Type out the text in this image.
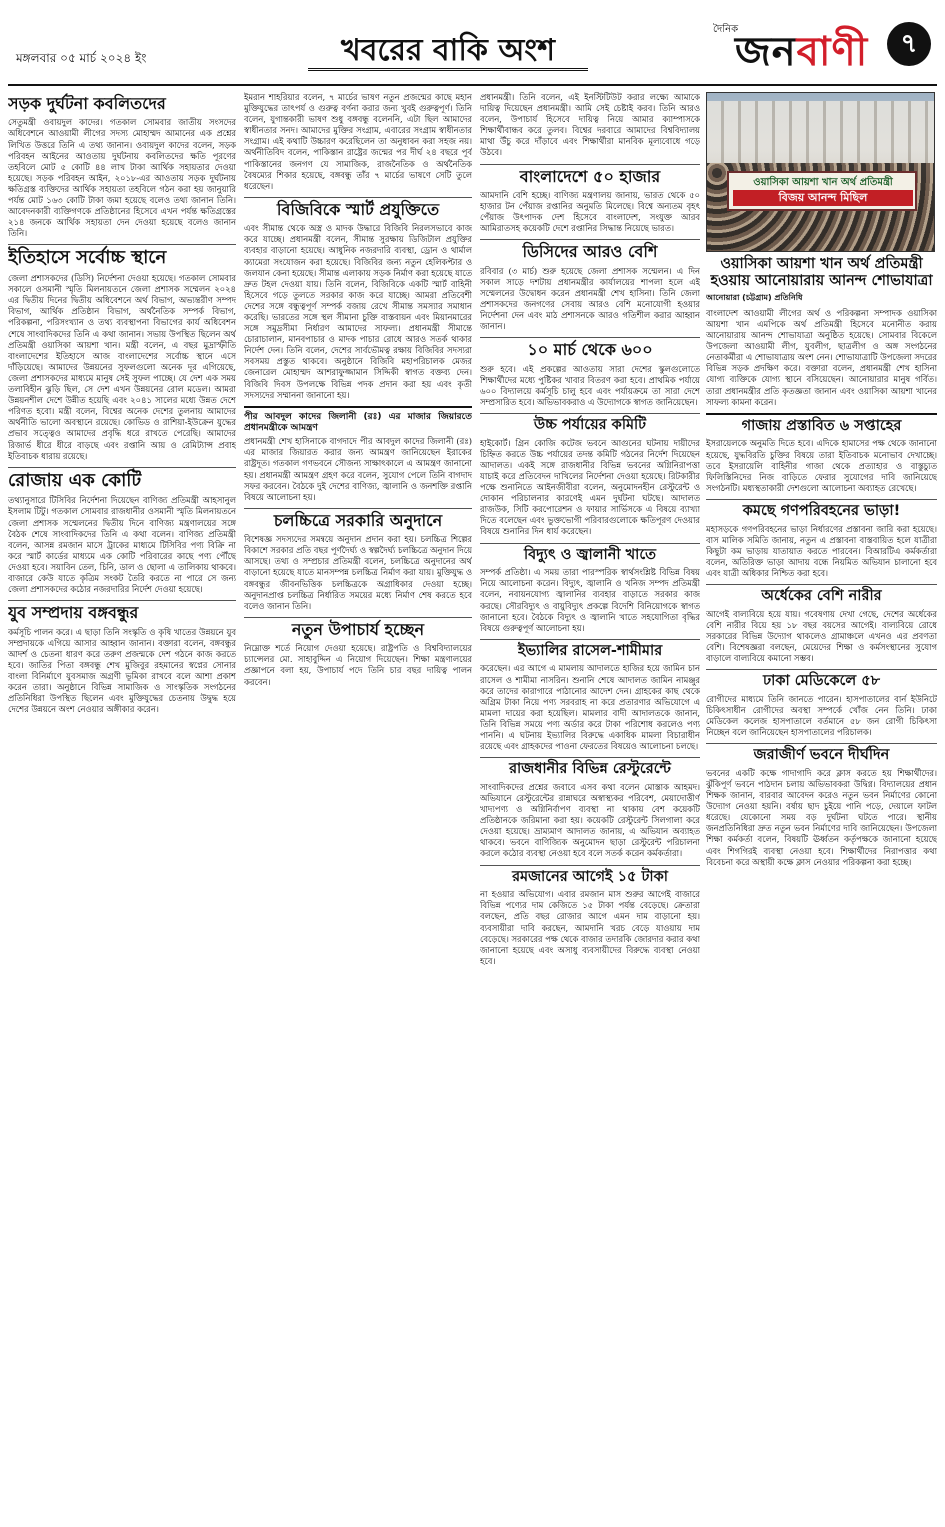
মঙ্গলবার ০৫ মার্চ ২০২৪ ইং	খবরের বাকি অংশ
দৈনিক
জনবাণী	৭
সড়ক দুর্ঘটনা কবলিতদের
সেতুমন্ত্রী ওবায়দুল কাদের। গতকাল সোমবার জাতীয় সংসদের অধিবেশনে আওয়ামী লীগের সদস্য মোহাম্মদ আমানের এক প্রশ্নের লিখিত উত্তরে তিনি এ তথ্য জানান। ওবায়দুল কাদের বলেন, সড়ক পরিবহন আইনের আওতায় দুর্ঘটনায় কবলিতদের ক্ষতি পূরণের তহবিলে মোট ৫ কোটি ৪৪ লাখ টাকা আর্থিক সহায়তার দেওয়া হয়েছে। সড়ক পরিবহন আইন, ২০১৮-এর আওতায় সড়ক দুর্ঘটনায় ক্ষতিগ্রস্ত ব্যক্তিদের আর্থিক সহায়তা তহবিলে গঠন করা হয় জানুয়ারি পর্যন্ত মোট ১৬৩ কোটি টাকা জমা হয়েছে বলেও তথ্য জানান তিনি। আবেদনকারী ব্যক্তিগণকে প্রতিষ্ঠানের হিসেবে এখন পর্যন্ত ক্ষতিগ্রস্তের ২১৪ জনকে আর্থিক সহায়তা দেন দেওয়া হয়েছে বলেও জানান তিনি।
ইতিহাসে সর্বোচ্চ স্থানে
জেলা প্রশাসকদের (ডিসি) নির্দেশনা দেওয়া হয়েছে। গতকাল সোমবার সকালে ওসমানী স্মৃতি মিলনায়তনে জেলা প্রশাসক সম্মেলন ২০২৪ এর দ্বিতীয় দিনের দ্বিতীয় অধিবেশনে অর্থ বিভাগ, অভ্যন্তরীণ সম্পদ বিভাগ, আর্থিক প্রতিষ্ঠান বিভাগ, অর্থনৈতিক সম্পর্ক বিভাগ, পরিকল্পনা, পরিসংখ্যান ও তথ্য ব্যবস্থাপনা বিভাগের কার্য অধিবেশন শেষে সাংবাদিকদের তিনি এ কথা জানান। সভায় উপস্থিত ছিলেন অর্থ প্রতিমন্ত্রী ওয়াসিকা আয়শা খান। মন্ত্রী বলেন, এ বছর ‍মুদ্রাস্ফীতি বাংলাদেশের ইতিহাসে আজ বাংলাদেশের সর্বোচ্চ স্থানে এসে দাঁড়িয়েছে। আমাদের উন্নয়নের সুফলগুলো অনেক দূর এগিয়েছে, জেলা প্রশাসকদের মাধ্যমে মানুষ সেই সুফল পাচ্ছে। যে দেশ এক সময় তলাবিহীন ঝুড়ি ছিল, সে দেশ এখন উন্নয়নের রোল মডেল। আমরা উন্নয়নশীল দেশে উন্নীত হয়েছি এবং ২০৪১ সালের মধ্যে উন্নত দেশে পরিণত হবো। মন্ত্রী বলেন, বিশ্বের অনেক দেশের তুলনায় আমাদের অর্থনীতি ভালো অবস্থানে রয়েছে। কোভিড ও রাশিয়া-ইউক্রেন যুদ্ধের প্রভাব সত্ত্বেও আমাদের প্রবৃদ্ধি ধরে রাখতে পেরেছি। আমাদের রিজার্ভ ধীরে ধীরে বাড়ছে এবং রপ্তানি আয় ও রেমিট্যান্স প্রবাহ ইতিবাচক ধারায় রয়েছে।
রোজায় এক কোটি
তথ্যানুসারে টিসিবির নির্দেশনা দিয়েছেন বাণিজ্য প্রতিমন্ত্রী আহসানুল ইসলাম টিটু। গতকাল সোমবার রাজধানীর ওসমানী স্মৃতি মিলনায়তনে জেলা প্রশাসক সম্মেলনের দ্বিতীয় দিনে বাণিজ্য মন্ত্রণালয়ের সঙ্গে বৈঠক শেষে সাংবাদিকদের তিনি এ কথা বলেন। বাণিজ্য প্রতিমন্ত্রী বলেন, আসন্ন রমজান মাসে ট্রাকের মাধ্যমে টিসিবির পণ্য বিক্রি না করে স্মার্ট কার্ডের মাধ্যমে এক কোটি পরিবারের কাছে পণ্য পৌঁছে দেওয়া হবে। সয়াবিন তেল, চিনি, ডাল ও ছোলা এ তালিকায় থাকবে। বাজারে কেউ যাতে কৃত্রিম সংকট তৈরি করতে না পারে সে জন্য জেলা প্রশাসকদের কঠোর নজরদারির নির্দেশ দেওয়া হয়েছে।
যুব সম্প্রদায় বঙ্গবন্ধুর
কর্মসূচি পালন করে। এ ছাড়া তিনি সংস্কৃতি ও কৃষি খাতের উন্নয়নে যুব সম্প্রদায়কে এগিয়ে আসার আহ্বান জানান। বক্তারা বলেন, বঙ্গবন্ধুর আদর্শ ও চেতনা ধারণ করে তরুণ প্রজন্মকে দেশ গঠনে কাজ করতে হবে। জাতির পিতা বঙ্গবন্ধু শেখ মুজিবুর রহমানের স্বপ্নের সোনার বাংলা বিনির্মাণে যুবসমাজ অগ্রণী ভূমিকা রাখবে বলে আশা প্রকাশ করেন তারা। অনুষ্ঠানে বিভিন্ন সামাজিক ও সাংস্কৃতিক সংগঠনের প্রতিনিধিরা উপস্থিত ছিলেন এবং মুক্তিযুদ্ধের চেতনায় উদ্বুদ্ধ হয়ে দেশের উন্নয়নে অংশ নেওয়ার অঙ্গীকার করেন।
ইমরান শাহরিয়ার বলেন, ৭ মার্চের ভাষণ নতুন প্রজন্মের কাছে মহান মুক্তিযুদ্ধের তাৎপর্য ও গুরুত্ব বর্ণনা করার জন্য খুবই গুরুত্বপূর্ণ। তিনি বলেন, যুগান্তকারী ভাষণ শুধু বঙ্গবন্ধু বলেননি, এটা ছিল আমাদের স্বাধীনতার সনদ। আমাদের মুক্তির সংগ্রাম, এবারের সংগ্রাম স্বাধীনতার সংগ্রাম। এই কথাটি উচ্চারণ করেছিলেন তা অনুধাবন করা সহজ নয়। অর্থনীতিবিদ বলেন, পাকিস্তান রাষ্ট্রের জন্মের পর দীর্ঘ ২৪ বছরে পূর্ব পাকিস্তানের জনগণ যে সামাজিক, রাজনৈতিক ও অর্থনৈতিক বৈষম্যের শিকার হয়েছে, বঙ্গবন্ধু তাঁর ৭ মার্চের ভাষণে সেটি তুলে ধরেছেন।
বিজিবিকে স্মার্ট প্রযুক্তিতে
এবং সীমান্ত থেকে অস্ত্র ও মাদক উদ্ধারে বিজিবি নিরলসভাবে কাজ করে যাচ্ছে। প্রধানমন্ত্রী বলেন, সীমান্ত সুরক্ষায় ডিজিটাল প্রযুক্তির ব্যবহার বাড়ানো হয়েছে। আধুনিক নজরদারি ব্যবস্থা, ড্রোন ও থার্মাল ক্যামেরা সংযোজন করা হয়েছে। বিজিবির জন্য নতুন হেলিকপ্টার ও জলযান কেনা হয়েছে। সীমান্ত এলাকায় সড়ক নির্মাণ করা হয়েছে যাতে দ্রুত টহল দেওয়া যায়। তিনি বলেন, বিজিবিকে একটি স্মার্ট বাহিনী হিসেবে গড়ে তুলতে সরকার কাজ করে যাচ্ছে। আমরা প্রতিবেশী দেশের সঙ্গে বন্ধুত্বপূর্ণ সম্পর্ক বজায় রেখে সীমান্ত সমস্যার সমাধান করেছি। ভারতের সঙ্গে স্থল সীমানা চুক্তি বাস্তবায়ন এবং মিয়ানমারের সঙ্গে সমুদ্রসীমা নির্ধারণ আমাদের সাফল্য। প্রধানমন্ত্রী সীমান্তে চোরাচালান, মানবপাচার ও মাদক পাচার রোধে আরও সতর্ক থাকার নির্দেশ দেন। তিনি বলেন, দেশের সার্বভৌমত্ব রক্ষায় বিজিবির সদস্যরা সবসময় প্রস্তুত থাকবে। অনুষ্ঠানে বিজিবি মহাপরিচালক মেজর জেনারেল মোহাম্মদ আশরাফুজ্জামান সিদ্দিকী স্বাগত বক্তব্য দেন। বিজিবি দিবস উপলক্ষে বিভিন্ন পদক প্রদান করা হয় এবং কৃতী সদস্যদের সম্মাননা জানানো হয়।
পীর আবদুল কাদের জিলানী (রঃ) এর মাজার জিয়ারতে প্রধানমন্ত্রীকে আমন্ত্রণ
প্রধানমন্ত্রী শেখ হাসিনাকে বাগদাদে পীর আবদুল কাদের জিলানী (রঃ) এর মাজার জিয়ারত করার জন্য আমন্ত্রণ জানিয়েছেন ইরাকের রাষ্ট্রদূত। গতকাল গণভবনে সৌজন্য সাক্ষাৎকালে এ আমন্ত্রণ জানানো হয়। প্রধানমন্ত্রী আমন্ত্রণ গ্রহণ করে বলেন, সুযোগ পেলে তিনি বাগদাদ সফর করবেন। বৈঠকে দুই দেশের বাণিজ্য, জ্বালানি ও জনশক্তি রপ্তানি বিষয়ে আলোচনা হয়।
চলচ্চিত্রে সরকারি অনুদানে
বিশেষজ্ঞ সদস্যদের সমন্বয়ে অনুদান প্রদান করা হয়। চলচ্চিত্র শিল্পের বিকাশে সরকার প্রতি বছর পূর্ণদৈর্ঘ্য ও স্বল্পদৈর্ঘ্য চলচ্চিত্রে অনুদান দিয়ে আসছে। তথ্য ও সম্প্রচার প্রতিমন্ত্রী বলেন, চলচ্চিত্রে অনুদানের অর্থ বাড়ানো হয়েছে যাতে মানসম্পন্ন চলচ্চিত্র নির্মাণ করা যায়। মুক্তিযুদ্ধ ও বঙ্গবন্ধুর জীবনভিত্তিক চলচ্চিত্রকে অগ্রাধিকার দেওয়া হচ্ছে। অনুদানপ্রাপ্ত চলচ্চিত্র নির্ধারিত সময়ের মধ্যে নির্মাণ শেষ করতে হবে বলেও জানান তিনি।
নতুন উপাচার্য হচ্ছেন
নিম্নোক্ত শর্তে নিয়োগ দেওয়া হয়েছে। রাষ্ট্রপতি ও বিশ্ববিদ্যালয়ের চ্যান্সেলর মো. সাহাবুদ্দিন এ নিয়োগ দিয়েছেন। শিক্ষা মন্ত্রণালয়ের প্রজ্ঞাপনে বলা হয়, উপাচার্য পদে তিনি চার বছর দায়িত্ব পালন করবেন।
প্রধানমন্ত্রী। তিনি বলেন, এই ইনস্টিটিউট করার লক্ষ্যে আমাকে দায়িত্ব দিয়েছেন প্রধানমন্ত্রী। আমি সেই চেষ্টাই করব। তিনি আরও বলেন, উপাচার্য হিসেবে দায়িত্ব নিয়ে আমার ক্যাম্পাসকে শিক্ষার্থীবান্ধব করে তুলব। বিশ্বের দরবারে আমাদের বিশ্ববিদ্যালয় মাথা উঁচু করে দাঁড়াবে এবং শিক্ষার্থীরা মানবিক মূল্যবোধে গড়ে উঠবে।
বাংলাদেশে ৫০ হাজার
আমদানি বেশি হচ্ছে। বাণিজ্য মন্ত্রণালয় জানায়, ভারত থেকে ৫০ হাজার টন পেঁয়াজ রপ্তানির অনুমতি মিলেছে। বিশ্বে অন্যতম বৃহৎ পেঁয়াজ উৎপাদক দেশ হিসেবে বাংলাদেশ, সংযুক্ত আরব আমিরাতসহ কয়েকটি দেশে রপ্তানির সিদ্ধান্ত নিয়েছে ভারত।
ডিসিদের আরও বেশি
রবিবার (৩ মার্চ) শুরু হয়েছে জেলা প্রশাসক সম্মেলন। এ দিন সকাল সাড়ে দশটায় প্রধানমন্ত্রীর কার্যালয়ের শাপলা হলে এই সম্মেলনের উদ্বোধন করেন প্রধানমন্ত্রী শেখ হাসিনা। তিনি জেলা প্রশাসকদের জনগণের সেবায় আরও বেশি মনোযোগী হওয়ার নির্দেশনা দেন এবং মাঠ প্রশাসনকে আরও গতিশীল করার আহ্বান জানান।
১০ মার্চ থেকে ৬০০
শুরু হবে। এই প্রকল্পের আওতায় সারা দেশের স্কুলগুলোতে শিক্ষার্থীদের মধ্যে পুষ্টিকর খাবার বিতরণ করা হবে। প্রাথমিক পর্যায়ে ৬০০ বিদ্যালয়ে কর্মসূচি চালু হবে এবং পর্যায়ক্রমে তা সারা দেশে সম্প্রসারিত হবে। অভিভাবকরাও এ উদ্যোগকে স্বাগত জানিয়েছেন।
উচ্চ পর্যায়ের কমিটি
হাইকোর্ট। গ্রিন কোজি কটেজ ভবনে আগুনের ঘটনায় দায়ীদের চিহ্নিত করতে উচ্চ পর্যায়ের তদন্ত কমিটি গঠনের নির্দেশ দিয়েছেন আদালত। একই সঙ্গে রাজধানীর বিভিন্ন ভবনের অগ্নিনিরাপত্তা যাচাই করে প্রতিবেদন দাখিলের নির্দেশনা দেওয়া হয়েছে। রিটকারীর পক্ষে শুনানিতে আইনজীবীরা বলেন, অনুমোদনহীন রেস্টুরেন্ট ও দোকান পরিচালনার কারণেই এমন দুর্ঘটনা ঘটছে। আদালত রাজউক, সিটি করপোরেশন ও ফায়ার সার্ভিসকে এ বিষয়ে ব্যাখ্যা দিতে বলেছেন এবং ভুক্তভোগী পরিবারগুলোকে ক্ষতিপূরণ দেওয়ার বিষয়ে শুনানির দিন ধার্য করেছেন।
বিদ্যুৎ ও জ্বালানী খাতে
সম্পর্ক প্রতিষ্ঠা। এ সময় তারা পারস্পরিক স্বার্থসংশ্লিষ্ট বিভিন্ন বিষয় নিয়ে আলোচনা করেন। বিদ্যুৎ, জ্বালানি ও খনিজ সম্পদ প্রতিমন্ত্রী বলেন, নবায়নযোগ্য জ্বালানির ব্যবহার বাড়াতে সরকার কাজ করছে। সৌরবিদ্যুৎ ও বায়ুবিদ্যুৎ প্রকল্পে বিদেশি বিনিয়োগকে স্বাগত জানানো হবে। বৈঠকে বিদ্যুৎ ও জ্বালানি খাতে সহযোগিতা বৃদ্ধির বিষয়ে গুরুত্বপূর্ণ আলোচনা হয়।
ইভ্যালির রাসেল-শামীমার
করেছেন। এর আগে এ মামলায় আদালতে হাজির হয়ে জামিন চান রাসেল ও শামীমা নাসরিন। শুনানি শেষে আদালত জামিন নামঞ্জুর করে তাদের কারাগারে পাঠানোর আদেশ দেন। গ্রাহকের কাছ থেকে অগ্রিম টাকা নিয়ে পণ্য সরবরাহ না করে প্রতারণার অভিযোগে এ মামলা দায়ের করা হয়েছিল। মামলার বাদী আদালতকে জানান, তিনি বিভিন্ন সময়ে পণ্য অর্ডার করে টাকা পরিশোধ করলেও পণ্য পাননি। এ ঘটনায় ইভ্যালির বিরুদ্ধে একাধিক মামলা বিচারাধীন রয়েছে এবং গ্রাহকদের পাওনা ফেরতের বিষয়েও আলোচনা চলছে।
রাজধানীর বিভিন্ন রেস্টুরেন্টে
সাংবাদিকদের প্রশ্নের জবাবে এসব কথা বলেন মোস্তাক আহমদ। অভিযানে রেস্টুরেন্টের রান্নাঘরে অস্বাস্থ্যকর পরিবেশ, মেয়াদোত্তীর্ণ খাদ্যপণ্য ও অগ্নিনির্বাপণ ব্যবস্থা না থাকায় বেশ কয়েকটি প্রতিষ্ঠানকে জরিমানা করা হয়। কয়েকটি রেস্টুরেন্ট সিলগালা করে দেওয়া হয়েছে। ভ্রাম্যমাণ আদালত জানায়, এ অভিযান অব্যাহত থাকবে। ভবনে বাণিজ্যিক অনুমোদন ছাড়া রেস্টুরেন্ট পরিচালনা করলে কঠোর ব্যবস্থা নেওয়া হবে বলে সতর্ক করেন কর্মকর্তারা।
রমজানের আগেই ১৫ টাকা
না হওয়ার অভিযোগ। এবার রমজান মাস শুরুর আগেই বাজারে বিভিন্ন পণ্যের দাম কেজিতে ১৫ টাকা পর্যন্ত বেড়েছে। ক্রেতারা বলছেন, প্রতি বছর রোজার আগে এমন দাম বাড়ানো হয়। ব্যবসায়ীরা দাবি করছেন, আমদানি খরচ বেড়ে যাওয়ায় দাম বেড়েছে। সরকারের পক্ষ থেকে বাজার তদারকি জোরদার করার কথা জানানো হয়েছে এবং অসাধু ব্যবসায়ীদের বিরুদ্ধে ব্যবস্থা নেওয়া হবে।
ওয়াসিকা আয়শা খান অর্থ প্রতিমন্ত্রী
বিজয় আনন্দ মিছিল
ওয়াসিকা আয়শা খান অর্থ প্রতিমন্ত্রী হওয়ায় আনোয়ারায় আনন্দ শোভাযাত্রা
আনোয়ারা (চট্টগ্রাম) প্রতিনিধি
বাংলাদেশ আওয়ামী লীগের অর্থ ও পরিকল্পনা সম্পাদক ওয়াসিকা আয়শা খান এমপিকে অর্থ প্রতিমন্ত্রী হিসেবে মনোনীত করায় আনোয়ারায় আনন্দ শোভাযাত্রা অনুষ্ঠিত হয়েছে। সোমবার বিকেলে উপজেলা আওয়ামী লীগ, যুবলীগ, ছাত্রলীগ ও অঙ্গ সংগঠনের নেতাকর্মীরা এ শোভাযাত্রায় অংশ নেন। শোভাযাত্রাটি উপজেলা সদরের বিভিন্ন সড়ক প্রদক্ষিণ করে। বক্তারা বলেন, প্রধানমন্ত্রী শেখ হাসিনা যোগ্য ব্যক্তিকে যোগ্য স্থানে বসিয়েছেন। আনোয়ারার মানুষ গর্বিত। তারা প্রধানমন্ত্রীর প্রতি কৃতজ্ঞতা জানান এবং ওয়াসিকা আয়শা খানের সাফল্য কামনা করেন।
গাজায় প্রস্তাবিত ৬ সপ্তাহের
ইসরায়েলকে অনুমতি দিতে হবে। এদিকে হামাসের পক্ষ থেকে জানানো হয়েছে, যুদ্ধবিরতি চুক্তির বিষয়ে তারা ইতিবাচক মনোভাব দেখাচ্ছে। তবে ইসরায়েলি বাহিনীর গাজা থেকে প্রত্যাহার ও বাস্তুচ্যুত ফিলিস্তিনিদের নিজ বাড়িতে ফেরার সুযোগের দাবি জানিয়েছে সংগঠনটি। মধ্যস্থতাকারী দেশগুলো আলোচনা অব্যাহত রেখেছে।
কমছে গণপরিবহনের ভাড়া!
মহাসড়কে গণপরিবহনের ভাড়া নির্ধারণের প্রস্তাবনা জারি করা হয়েছে। বাস মালিক সমিতি জানায়, নতুন এ প্রস্তাবনা বাস্তবায়িত হলে যাত্রীরা কিছুটা কম ভাড়ায় যাতায়াত করতে পারবেন। বিআরটিএ কর্মকর্তারা বলেন, অতিরিক্ত ভাড়া আদায় বন্ধে নিয়মিত অভিযান চালানো হবে এবং যাত্রী অধিকার নিশ্চিত করা হবে।
অর্ধেকের বেশি নারীর
আগেই বাল্যবিয়ে হয়ে যায়। গবেষণায় দেখা গেছে, দেশের অর্ধেকের বেশি নারীর বিয়ে হয় ১৮ বছর বয়সের আগেই। বাল্যবিয়ে রোধে সরকারের বিভিন্ন উদ্যোগ থাকলেও গ্রামাঞ্চলে এখনও এর প্রবণতা বেশি। বিশেষজ্ঞরা বলছেন, মেয়েদের শিক্ষা ও কর্মসংস্থানের সুযোগ বাড়ালে বাল্যবিয়ে কমানো সম্ভব।
ঢাকা মেডিকেলে ৫৮
রোগীদের মাধ্যমে তিনি জানতে পারেন। হাসপাতালের বার্ন ইউনিটে চিকিৎসাধীন রোগীদের অবস্থা সম্পর্কে খোঁজ নেন তিনি। ঢাকা মেডিকেল কলেজ হাসপাতালে বর্তমানে ৫৮ জন রোগী চিকিৎসা নিচ্ছেন বলে জানিয়েছেন হাসপাতালের পরিচালক।
জরাজীর্ণ ভবনে দীর্ঘদিন
ভবনের একটি কক্ষে গাদাগাদি করে ক্লাস করতে হয় শিক্ষার্থীদের। ঝুঁকিপূর্ণ ভবনে পাঠদান চলায় অভিভাবকরা উদ্বিগ্ন। বিদ্যালয়ের প্রধান শিক্ষক জানান, বারবার আবেদন করেও নতুন ভবন নির্মাণের কোনো উদ্যোগ নেওয়া হয়নি। বর্ষায় ছাদ চুইয়ে পানি পড়ে, দেয়ালে ফাটল ধরেছে। যেকোনো সময় বড় দুর্ঘটনা ঘটতে পারে। স্থানীয় জনপ্রতিনিধিরা দ্রুত নতুন ভবন নির্মাণের দাবি জানিয়েছেন। উপজেলা শিক্ষা কর্মকর্তা বলেন, বিষয়টি ঊর্ধ্বতন কর্তৃপক্ষকে জানানো হয়েছে এবং শিগগিরই ব্যবস্থা নেওয়া হবে। শিক্ষার্থীদের নিরাপত্তার কথা বিবেচনা করে অস্থায়ী কক্ষে ক্লাস নেওয়ার পরিকল্পনা করা হচ্ছে।
